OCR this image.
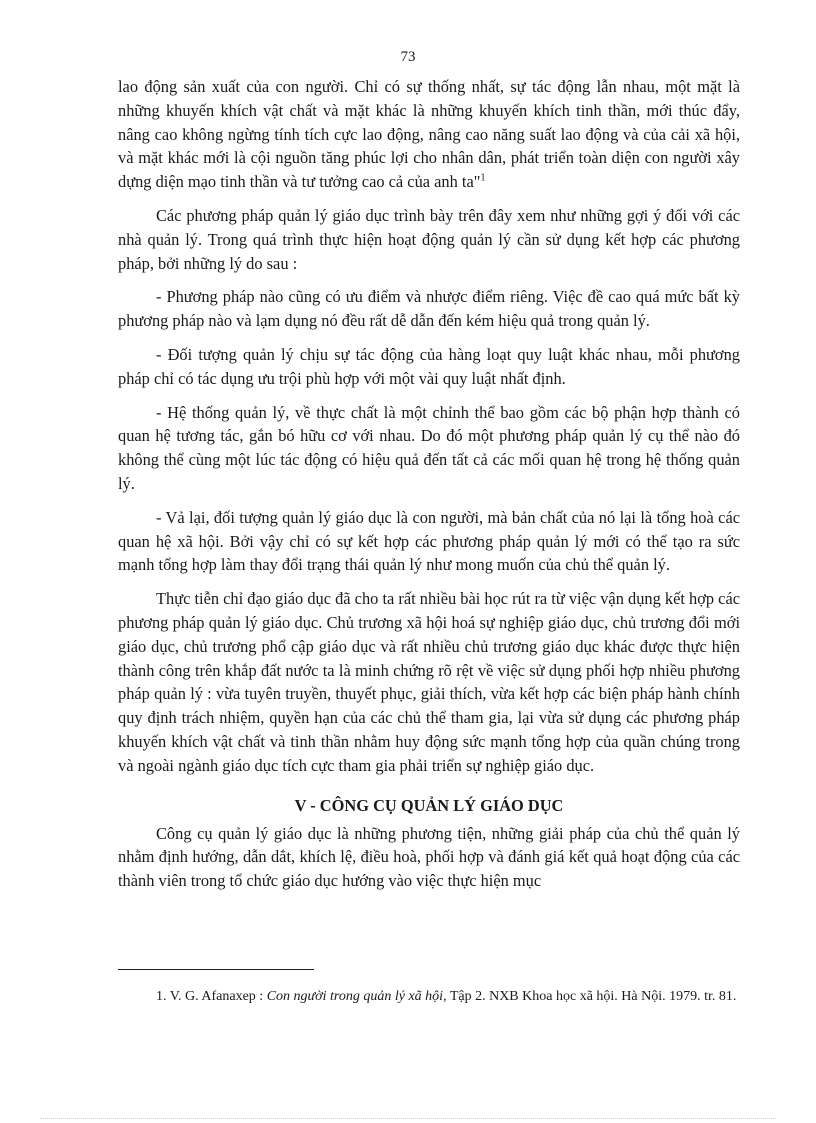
73

lao động sản xuất của con người. Chỉ có sự thống nhất, sự tác động lẫn nhau, một mặt là những khuyến khích vật chất và mặt khác là những khuyến khích tinh thần, mới thúc đẩy, nâng cao không ngừng tính tích cực lao động, nâng cao năng suất lao động và của cải xã hội, và mặt khác mới là cội nguồn tăng phúc lợi cho nhân dân, phát triển toàn diện con người xây dựng diện mạo tinh thần và tư tưởng cao cả của anh ta"$^1$

Các phương pháp quản lý giáo dục trình bày trên đây xem như những gợi ý đối với các nhà quản lý. Trong quá trình thực hiện hoạt động quản lý cần sử dụng kết hợp các phương pháp, bởi những lý do sau :

- Phương pháp nào cũng có ưu điểm và nhược điểm riêng. Việc đề cao quá mức bất kỳ phương pháp nào và lạm dụng nó đều rất dễ dẫn đến kém hiệu quả trong quản lý.

- Đối tượng quản lý chịu sự tác động của hàng loạt quy luật khác nhau, mỗi phương pháp chỉ có tác dụng ưu trội phù hợp với một vài quy luật nhất định.

- Hệ thống quản lý, về thực chất là một chỉnh thể bao gồm các bộ phận hợp thành có quan hệ tương tác, gắn bó hữu cơ với nhau. Do đó một phương pháp quản lý cụ thể nào đó không thể cùng một lúc tác động có hiệu quả đến tất cả các mối quan hệ trong hệ thống quản lý.

- Vả lại, đối tượng quản lý giáo dục là con người, mà bản chất của nó lại là tổng hoà các quan hệ xã hội. Bởi vậy chỉ có sự kết hợp các phương pháp quản lý mới có thể tạo ra sức mạnh tổng hợp làm thay đổi trạng thái quản lý như mong muốn của chủ thể quản lý.

Thực tiễn chỉ đạo giáo dục đã cho ta rất nhiều bài học rút ra từ việc vận dụng kết hợp các phương pháp quản lý giáo dục. Chủ trương xã hội hoá sự nghiệp giáo dục, chủ trương đổi mới giáo dục, chủ trương phổ cập giáo dục và rất nhiều chủ trương giáo dục khác được thực hiện thành công trên khắp đất nước ta là minh chứng rõ rệt về việc sử dụng phối hợp nhiều phương pháp quản lý : vừa tuyên truyền, thuyết phục, giải thích, vừa kết hợp các biện pháp hành chính quy định trách nhiệm, quyền hạn của các chủ thể tham gia, lại vừa sử dụng các phương pháp khuyến khích vật chất và tinh thần nhằm huy động sức mạnh tổng hợp của quần chúng trong và ngoài ngành giáo dục tích cực tham gia phải triển sự nghiệp giáo dục.

V - CÔNG CỤ QUẢN LÝ GIÁO DỤC

Công cụ quản lý giáo dục là những phương tiện, những giải pháp của chủ thể quản lý nhằm định hướng, dẫn dắt, khích lệ, điều hoà, phối hợp và đánh giá kết quả hoạt động của các thành viên trong tổ chức giáo dục hướng vào việc thực hiện mục

1. V. G. Afanaxep : Con người trong quản lý xã hội, Tập 2. NXB Khoa học xã hội. Hà Nội. 1979. tr. 81.
